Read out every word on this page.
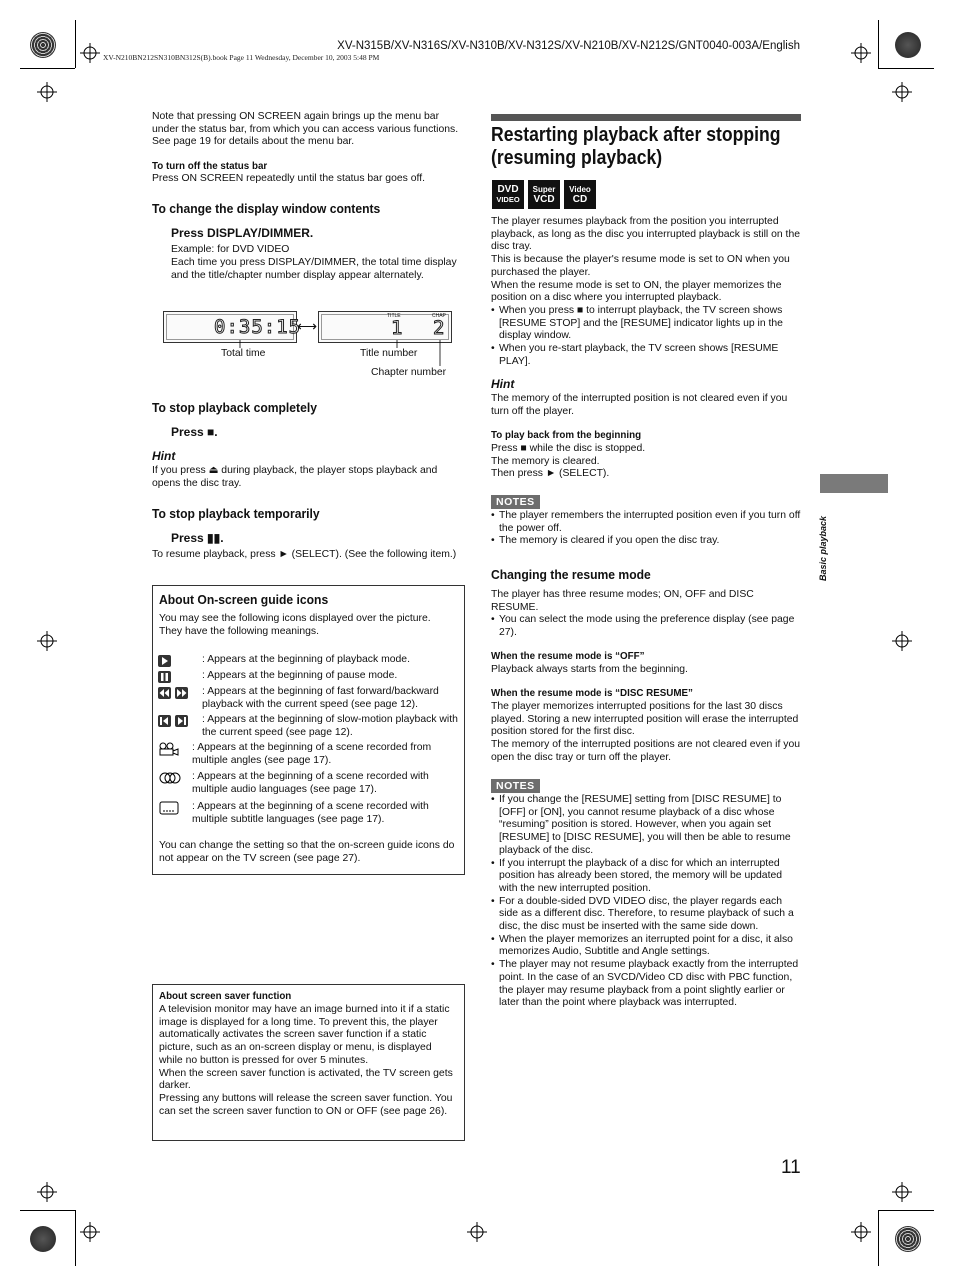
XV-N315B/XV-N316S/XV-N310B/XV-N312S/XV-N210B/XV-N212S/GNT0040-003A/English
XV-N210BN212SN310BN312S(B).book Page 11 Wednesday, December 10, 2003 5:48 PM
Note that pressing ON SCREEN again brings up the menu bar under the status bar, from which you can access various functions. See page 19 for details about the menu bar.
To turn off the status bar
Press ON SCREEN repeatedly until the status bar goes off.
To change the display window contents
Press DISPLAY/DIMMER.
Example: for DVD VIDEO
Each time you press DISPLAY/DIMMER, the total time display and the title/chapter number display appear alternately.
0:35:15
⟷
TITLE	CHAP
1 2
Total time	Title number
Chapter number
To stop playback completely
Press ■.
Hint
If you press ⏏ during playback, the player stops playback and opens the disc tray.
To stop playback temporarily
Press ▮▮.
To resume playback, press ► (SELECT). (See the following item.)
About On-screen guide icons
You may see the following icons displayed over the picture. They have the following meanings.
: Appears at the beginning of playback mode.
: Appears at the beginning of pause mode.
: Appears at the beginning of fast forward/backward playback with the current speed (see page 12).
: Appears at the beginning of slow-motion playback with the current speed (see page 12).
: Appears at the beginning of a scene recorded from multiple angles (see page 17).
: Appears at the beginning of a scene recorded with multiple audio languages (see page 17).
: Appears at the beginning of a scene recorded with multiple subtitle languages (see page 17).
You can change the setting so that the on-screen guide icons do not appear on the TV screen (see page 27).
About screen saver function
A television monitor may have an image burned into it if a static image is displayed for a long time. To prevent this, the player automatically activates the screen saver function if a static picture, such as an on-screen display or menu, is displayed while no button is pressed for over 5 minutes.
When the screen saver function is activated, the TV screen gets darker.
Pressing any buttons will release the screen saver function. You can set the screen saver function to ON or OFF (see page 26).
Restarting playback after stopping
(resuming playback)
DVD
VIDEO
Super
VCD
Video
CD
The player resumes playback from the position you interrupted playback, as long as the disc you interrupted playback is still on the disc tray.
This is because the player's resume mode is set to ON when you purchased the player.
When the resume mode is set to ON, the player memorizes the position on a disc where you interrupted playback.
• When you press ■ to interrupt playback, the TV screen shows [RESUME STOP] and the [RESUME] indicator lights up in the display window.
• When you re-start playback, the TV screen shows [RESUME PLAY].
Hint
The memory of the interrupted position is not cleared even if you turn off the player.
To play back from the beginning
Press ■ while the disc is stopped.
The memory is cleared.
Then press ► (SELECT).
NOTES
• The player remembers the interrupted position even if you turn off the power off.
• The memory is cleared if you open the disc tray.
Changing the resume mode
The player has three resume modes; ON, OFF and DISC RESUME.
• You can select the mode using the preference display (see page 27).
When the resume mode is “OFF”
Playback always starts from the beginning.
When the resume mode is “DISC RESUME”
The player memorizes interrupted positions for the last 30 discs played. Storing a new interrupted position will erase the interrupted position stored for the first disc.
The memory of the interrupted positions are not cleared even if you open the disc tray or turn off the player.
NOTES
• If you change the [RESUME] setting from [DISC RESUME] to [OFF] or [ON], you cannot resume playback of a disc whose “resuming” position is stored. However, when you again set [RESUME] to [DISC RESUME], you will then be able to resume playback of the disc.
• If you interrupt the playback of a disc for which an interrupted position has already been stored, the memory will be updated with the new interrupted position.
• For a double-sided DVD VIDEO disc, the player regards each side as a different disc. Therefore, to resume playback of such a disc, the disc must be inserted with the same side down.
• When the player memorizes an iterrupted point for a disc, it also memorizes Audio, Subtitle and Angle settings.
• The player may not resume playback exactly from the interrupted point. In the case of an SVCD/Video CD disc with PBC function, the player may resume playback from a point slightly earlier or later than the point where playback was interrupted.
Basic playback
11
